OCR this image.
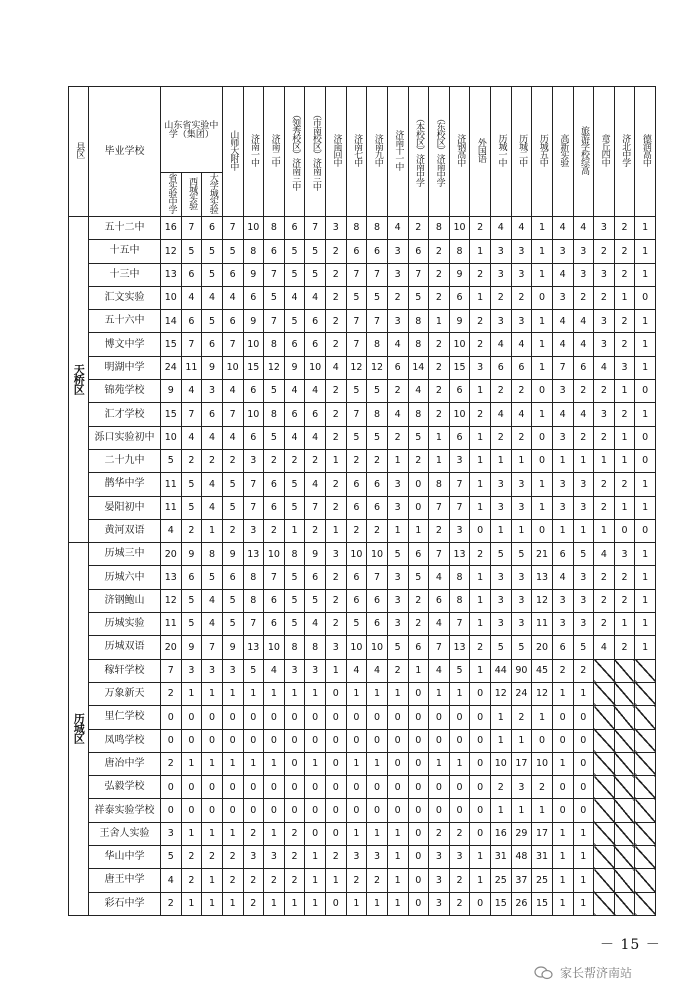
县区	毕业学校	山东省实验中学（集团）			山师大附中	济南一中	济南二中	（领秀校区）济南三中	（市南校区）济南三中	济南回中	济南七中	济南九中	济南十一中	（本校区）济南中学	（东校区）济南中学	济钢高中	外国语	历城一中	历城二中	历城五中	高新实验	旅游学校综高	章丘四中	济北中学	德润高中
		省实验中学	西城实验	大学城实验																					
天桥区	五十二中	16	7	6	7	10	8	6	7	3	8	8	4	2	8	10	2	4	4	1	4	4	3	2	1
	十五中	12	5	5	5	8	6	5	5	2	6	6	3	6	2	8	1	3	3	1	3	3	2	2	1
	十三中	13	6	5	6	9	7	5	5	2	7	7	3	7	2	9	2	3	3	1	4	3	3	2	1
	汇文实验	10	4	4	4	6	5	4	4	2	5	5	2	5	2	6	1	2	2	0	3	2	2	1	0
	五十六中	14	6	5	6	9	7	5	6	2	7	7	3	8	1	9	2	3	3	1	4	4	3	2	1
	博文中学	15	7	6	7	10	8	6	6	2	7	8	4	8	2	10	2	4	4	1	4	4	3	2	1
	明湖中学	24	11	9	10	15	12	9	10	4	12	12	6	14	2	15	3	6	6	1	7	6	4	3	1
	锦苑学校	9	4	3	4	6	5	4	4	2	5	5	2	4	2	6	1	2	2	0	3	2	2	1	0
	汇才学校	15	7	6	7	10	8	6	6	2	7	8	4	8	2	10	2	4	4	1	4	4	3	2	1
	泺口实验初中	10	4	4	4	6	5	4	4	2	5	5	2	5	1	6	1	2	2	0	3	2	2	1	0
	二十九中	5	2	2	2	3	2	2	2	1	2	2	1	2	1	3	1	1	1	0	1	1	1	1	0
	鹊华中学	11	5	4	5	7	6	5	4	2	6	6	3	0	8	7	1	3	3	1	3	3	2	2	1
	晏阳初中	11	5	4	5	7	6	5	7	2	6	6	3	0	7	7	1	3	3	1	3	3	2	1	1
	黄河双语	4	2	1	2	3	2	1	2	1	2	2	1	1	2	3	0	1	1	0	1	1	1	0	0
历城区	历城三中	20	9	8	9	13	10	8	9	3	10	10	5	6	7	13	2	5	5	21	6	5	4	3	1
	历城六中	13	6	5	6	8	7	5	6	2	6	7	3	5	4	8	1	3	3	13	4	3	2	2	1
	济钢鲍山	12	5	4	5	8	6	5	5	2	6	6	3	2	6	8	1	3	3	12	3	3	2	2	1
	历城实验	11	5	4	5	7	6	5	4	2	5	6	3	2	4	7	1	3	3	11	3	3	2	1	1
	历城双语	20	9	7	9	13	10	8	8	3	10	10	5	6	7	13	2	5	5	20	6	5	4	2	1
	稼轩学校	7	3	3	3	5	4	3	3	1	4	4	2	1	4	5	1	44	90	45	2	2			
	万象新天	2	1	1	1	1	1	1	1	0	1	1	1	0	1	1	0	12	24	12	1	1			
	里仁学校	0	0	0	0	0	0	0	0	0	0	0	0	0	0	0	0	1	2	1	0	0			
	凤鸣学校	0	0	0	0	0	0	0	0	0	0	0	0	0	0	0	0	1	1	0	0	0			
	唐冶中学	2	1	1	1	1	1	0	1	0	1	1	0	0	1	1	0	10	17	10	1	0			
	弘毅学校	0	0	0	0	0	0	0	0	0	0	0	0	0	0	0	0	2	3	2	0	0			
	祥泰实验学校	0	0	0	0	0	0	0	0	0	0	0	0	0	0	0	0	1	1	1	0	0			
	王舍人实验	3	1	1	1	2	1	2	0	0	1	1	1	0	2	2	0	16	29	17	1	1			
	华山中学	5	2	2	2	3	3	2	1	2	3	3	1	0	3	3	1	31	48	31	1	1			
	唐王中学	4	2	1	2	2	2	2	1	1	2	2	1	0	3	2	1	25	37	25	1	1			
	彩石中学	2	1	1	1	2	1	1	1	0	1	1	1	0	3	2	0	15	26	15	1	1			
－ 15 －
家长帮济南站
